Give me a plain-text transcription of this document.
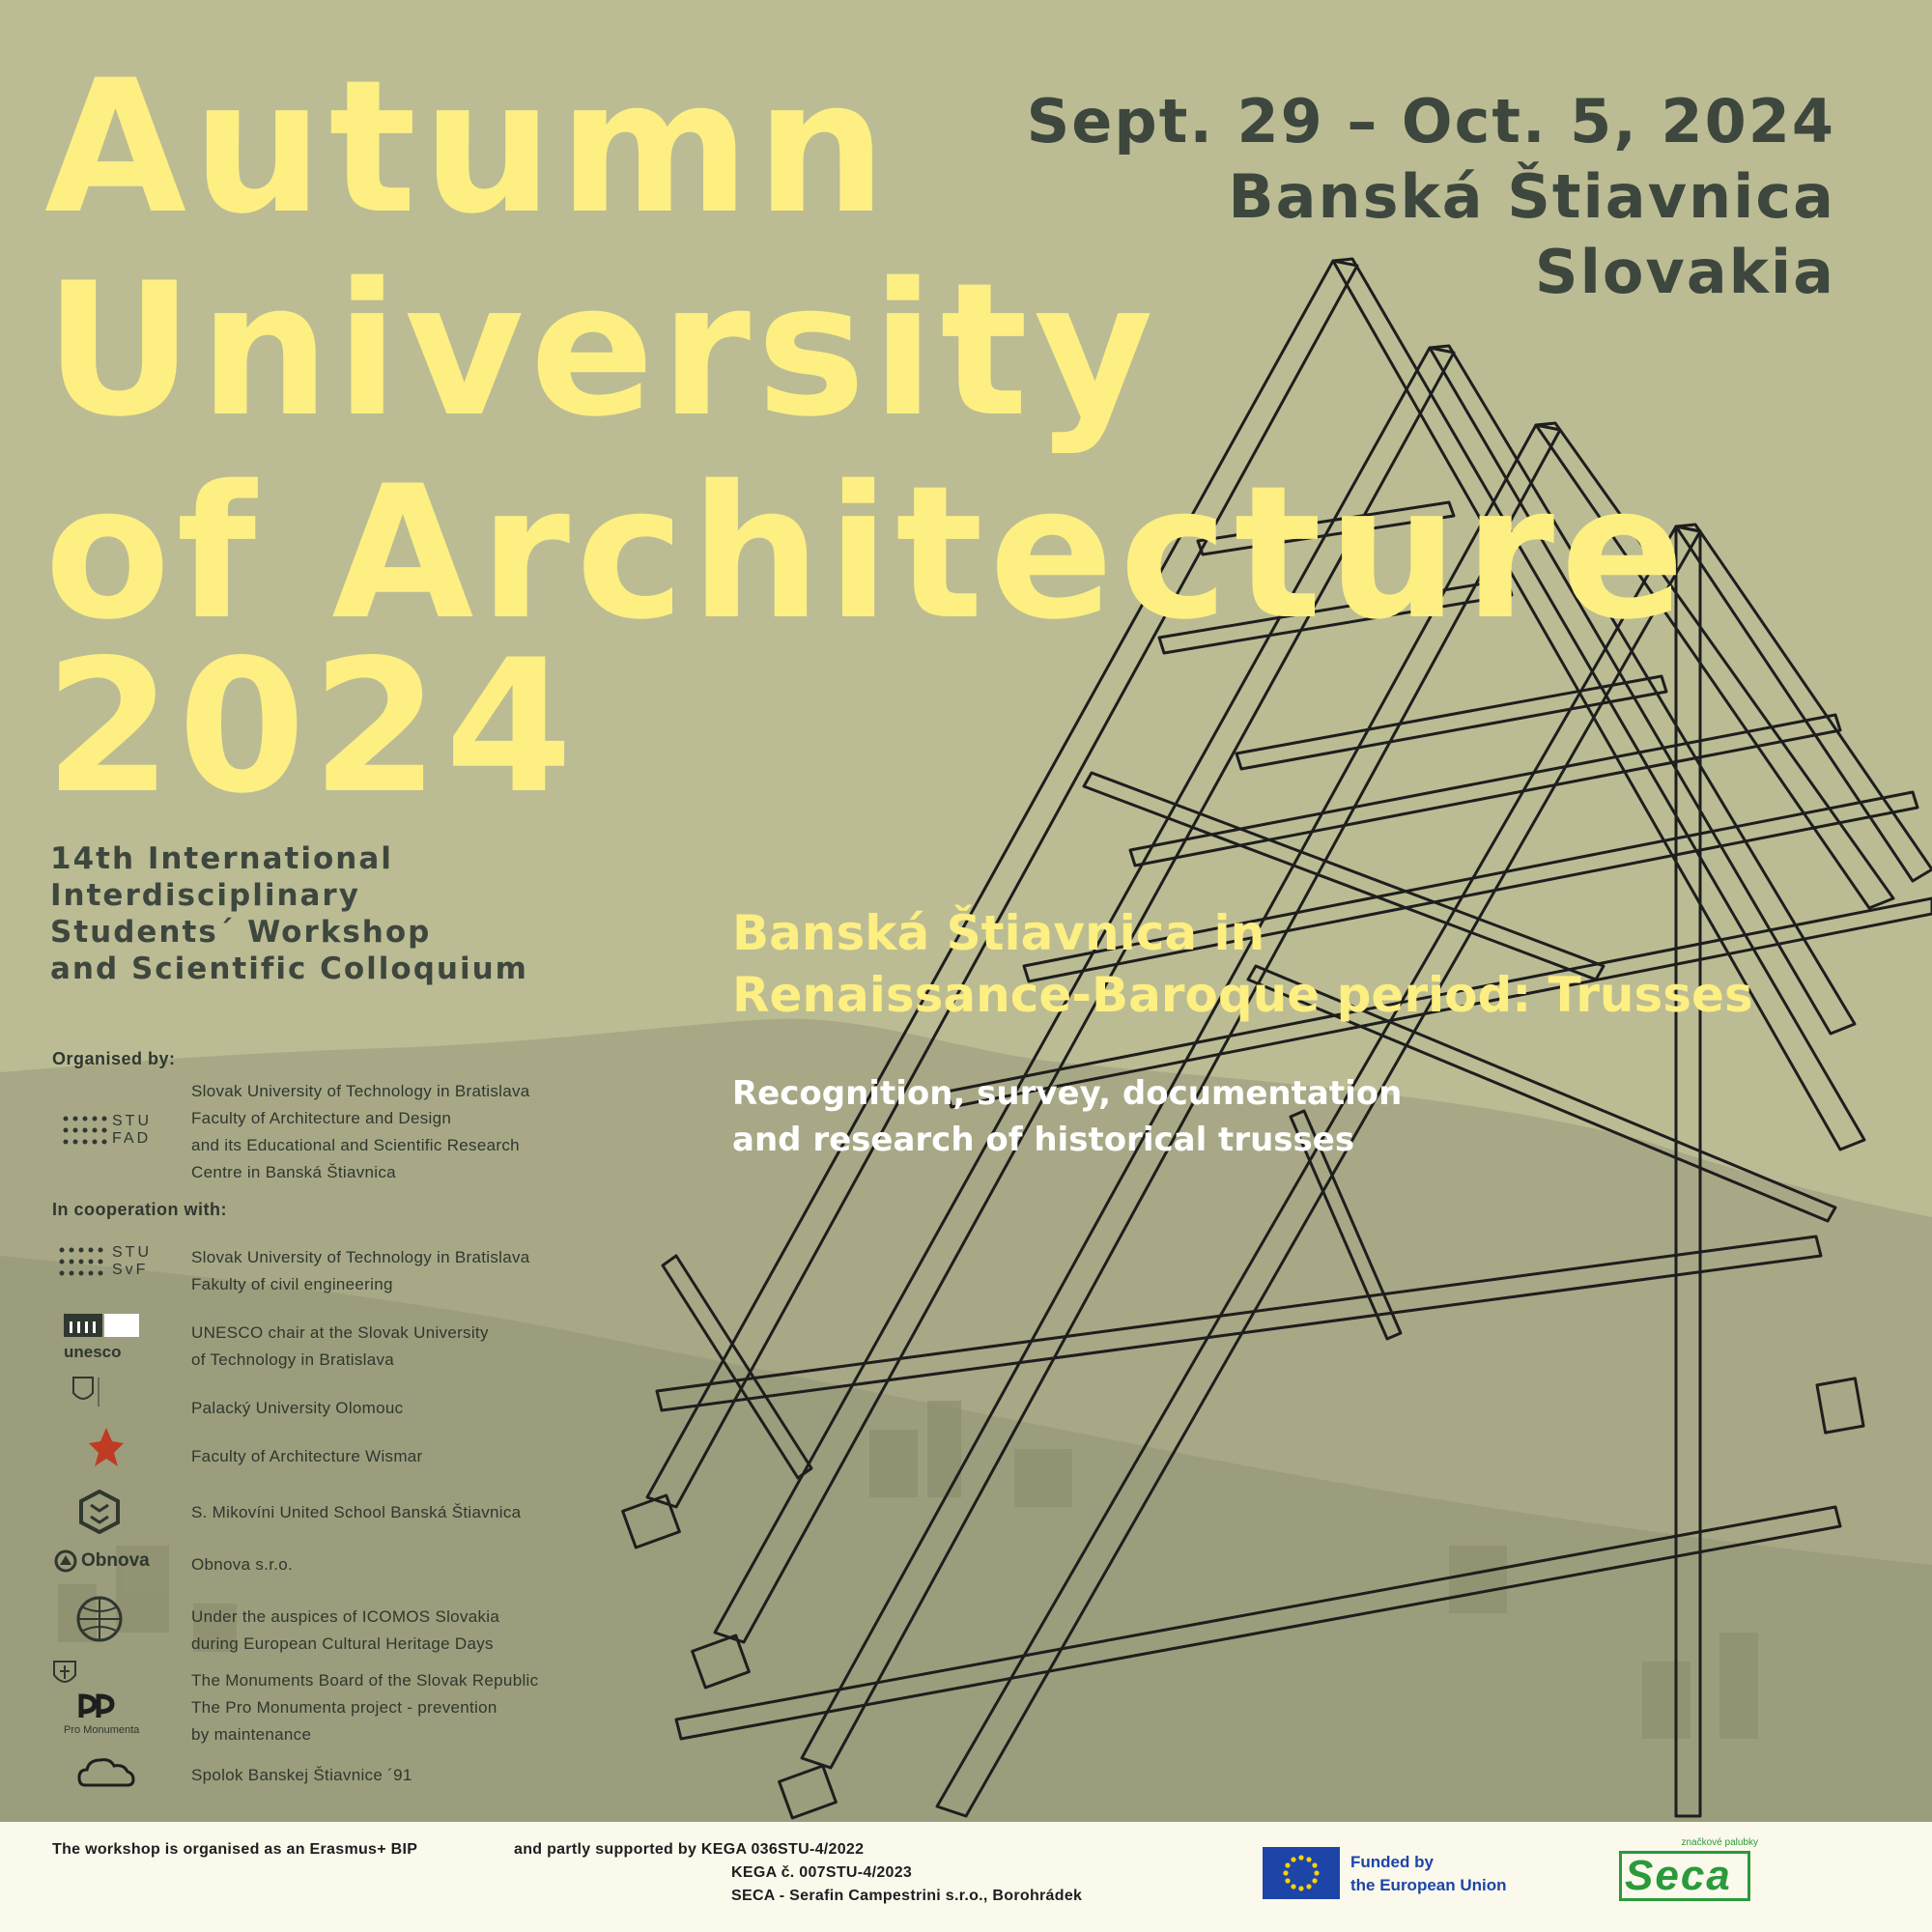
Autumn
University
of Architecture
2024
Sept. 29 – Oct. 5, 2024
Banská Štiavnica
Slovakia
14th International
Interdisciplinary
Students´ Workshop
and Scientific Colloquium
Banská Štiavnica in
Renaissance-Baroque period: Trusses
Recognition, survey, documentation
and research of historical trusses
Organised by:
STU
FAD
Slovak University of Technology in Bratislava
Faculty of Architecture and Design
and its Educational and Scientific Research
Centre in Banská Štiavnica
In cooperation with:
STU
SvF
Slovak University of Technology in Bratislava
Fakulty of civil engineering
unesco
UNESCO chair at the Slovak University
of Technology in Bratislava
Palacký University Olomouc
Faculty of Architecture Wismar
S. Mikovíni United School Banská Štiavnica
Obnova	Obnova s.r.o.
Under the auspices of ICOMOS Slovakia
during European Cultural Heritage Days
Pro Monumenta
The Monuments Board of the Slovak Republic
The Pro Monumenta project - prevention
by maintenance
Spolok Banskej Štiavnice ´91
The workshop is organised as an Erasmus+ BIP	and partly supported by KEGA 036STU-4/2022
KEGA č. 007STU-4/2023
SECA - Serafin Campestrini s.r.o., Borohrádek
Funded by
the European Union
značkové palubky
Seca
